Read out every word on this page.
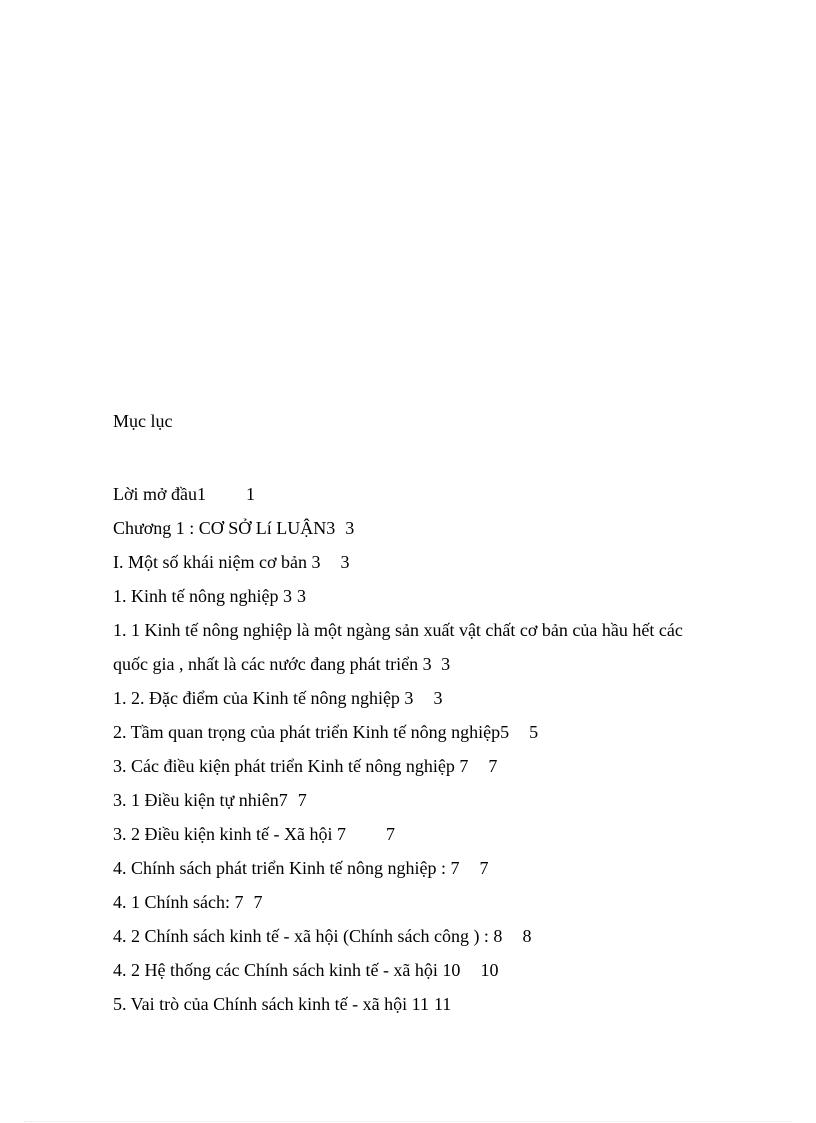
Mục lục
Lời mở đầu1 1
Chương 1 : CƠ SỞ Lí LUẬN3 3
I. Một số khái niệm cơ bản 3 3
1. Kinh tế nông nghiệp 3 3
1. 1 Kinh tế nông nghiệp là một ngàng sản xuất vật chất cơ bản của hầu hết các quốc gia , nhất là các nước đang phát triển 3 3
1. 2. Đặc điểm của Kinh tế nông nghiệp 3 3
2. Tầm quan trọng của phát triển Kinh tế nông nghiệp5 5
3. Các điều kiện phát triển Kinh tế nông nghiệp 7 7
3. 1 Điều kiện tự nhiên7 7
3. 2 Điều kiện kinh tế - Xã hội 7 7
4. Chính sách phát triển Kinh tế nông nghiệp : 7 7
4. 1 Chính sách: 7 7
4. 2 Chính sách kinh tế - xã hội (Chính sách công ) : 8 8
4. 2 Hệ thống các Chính sách kinh tế - xã hội 10 10
5. Vai trò của Chính sách kinh tế - xã hội 11 11
